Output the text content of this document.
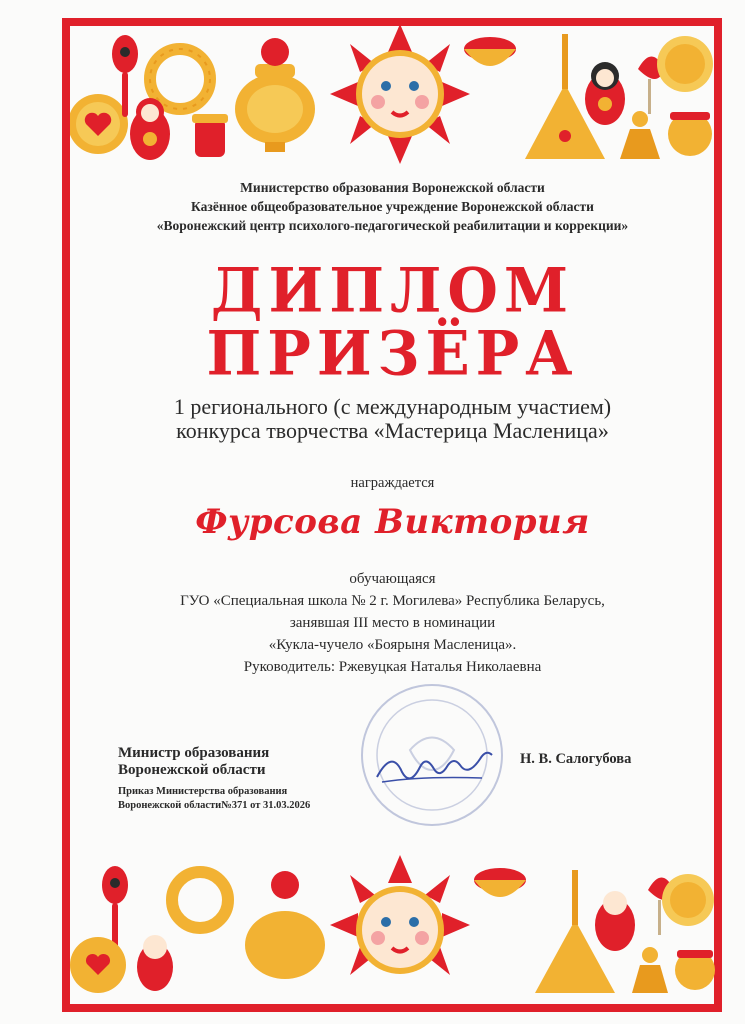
Министерство образования Воронежской области
Казённое общеобразовательное учреждение Воронежской области
«Воронежский центр психолого-педагогической реабилитации и коррекции»
ДИПЛОМ
ПРИЗЁРА
1 регионального (с международным участием)
конкурса творчества «Мастерица Масленица»
награждается
Фурсова Виктория
обучающаяся
ГУО «Специальная школа № 2 г. Могилева» Республика Беларусь,
занявшая III место в номинации
«Кукла-чучело «Боярыня Масленица».
Руководитель: Ржевуцкая Наталья Николаевна
Министр образования
Воронежской области
Приказ Министерства образования
Воронежской области№371 от 31.03.2026
Н. В. Салогубова
